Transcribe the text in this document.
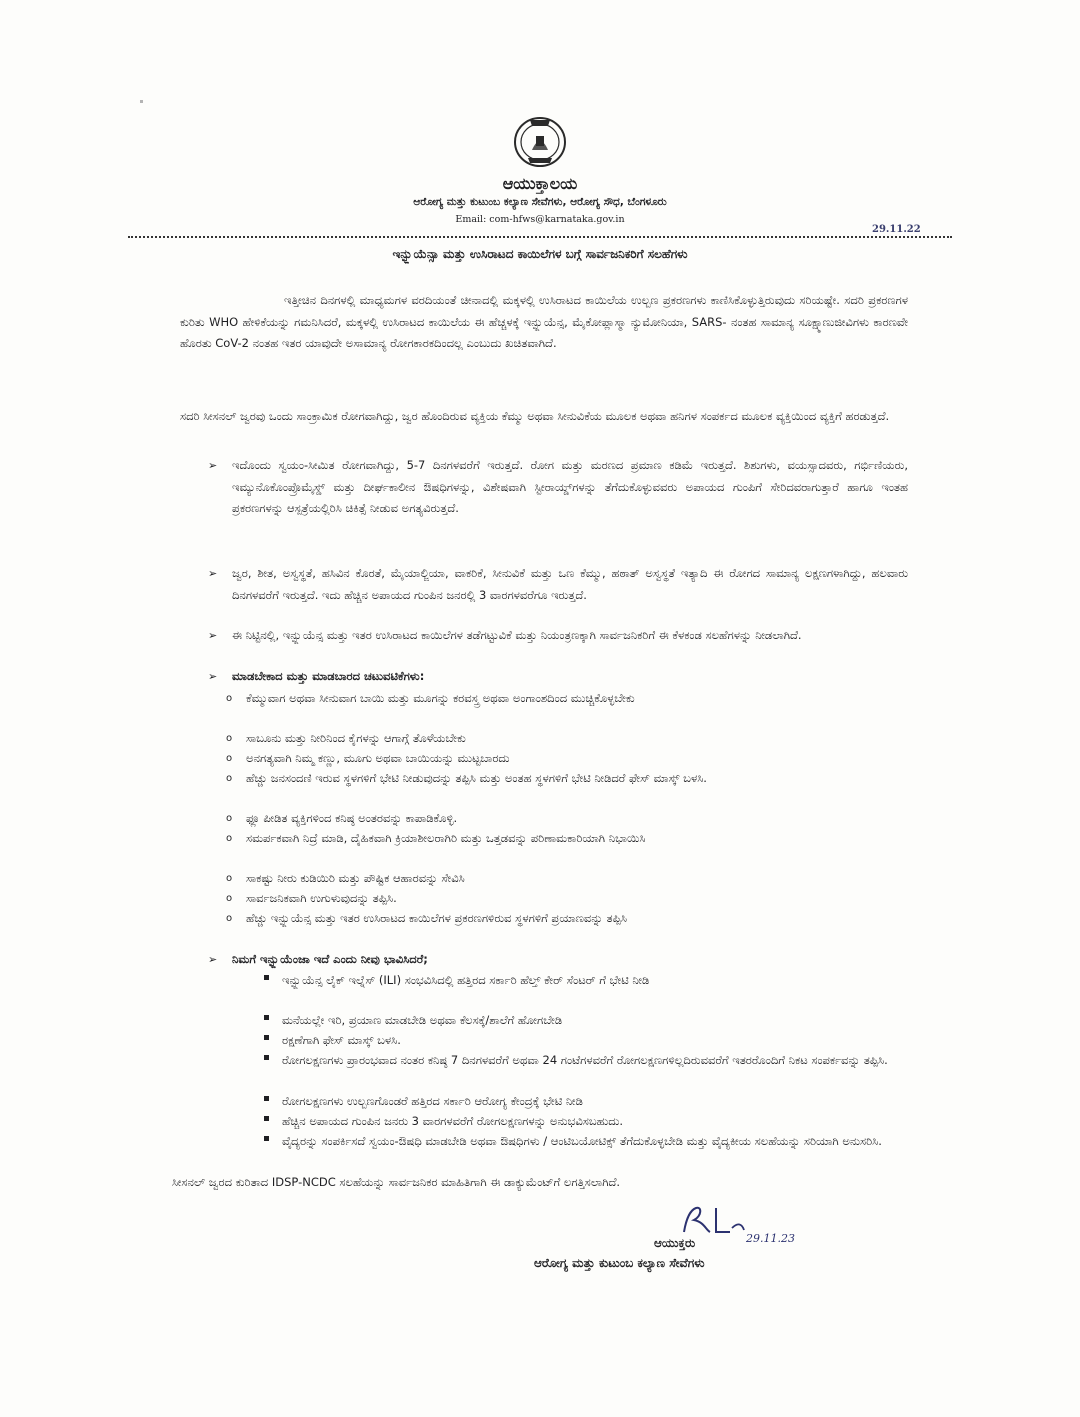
ಆಯುಕ್ತಾಲಯ
ಆರೋಗ್ಯ ಮತ್ತು ಕುಟುಂಬ ಕಲ್ಯಾಣ ಸೇವೆಗಳು, ಆರೋಗ್ಯ ಸೌಧ, ಬೆಂಗಳೂರು
Email: com-hfws@karnataka.gov.in
29.11.22
ಇನ್ಫ್ಲುಯೆನ್ಸಾ ಮತ್ತು ಉಸಿರಾಟದ ಕಾಯಿಲೆಗಳ ಬಗ್ಗೆ ಸಾರ್ವಜನಿಕರಿಗೆ ಸಲಹೆಗಳು
ಇತ್ತೀಚಿನ ದಿನಗಳಲ್ಲಿ ಮಾಧ್ಯಮಗಳ ವರದಿಯಂತೆ ಚೀನಾದಲ್ಲಿ ಮಕ್ಕಳಲ್ಲಿ ಉಸಿರಾಟದ ಕಾಯಿಲೆಯ ಉಲ್ಬಣ ಪ್ರಕರಣಗಳು ಕಾಣಿಸಿಕೊಳ್ಳುತ್ತಿರುವುದು ಸರಿಯಷ್ಟೇ. ಸದರಿ ಪ್ರಕರಣಗಳ ಕುರಿತು WHO ಹೇಳಿಕೆಯನ್ನು ಗಮನಿಸಿದರೆ, ಮಕ್ಕಳಲ್ಲಿ ಉಸಿರಾಟದ ಕಾಯಿಲೆಯ ಈ ಹೆಚ್ಚಳಕ್ಕೆ ಇನ್ಫ್ಲುಯೆನ್ಸ, ಮೈಕೋಪ್ಲಾಸ್ಮಾ ನ್ಯುಮೋನಿಯಾ, SARS- ನಂತಹ ಸಾಮಾನ್ಯ ಸೂಕ್ಷ್ಮಾಣುಜೀವಿಗಳು ಕಾರಣವೇ ಹೊರತು CoV-2 ನಂತಹ ಇತರ ಯಾವುದೇ ಅಸಾಮಾನ್ಯ ರೋಗಕಾರಕದಿಂದಲ್ಲ ಎಂಬುದು ಖಚಿತವಾಗಿದೆ.
ಸದರಿ ಸೀಸನಲ್ ಜ್ವರವು ಒಂದು ಸಾಂಕ್ರಾಮಿಕ ರೋಗವಾಗಿದ್ದು, ಜ್ವರ ಹೊಂದಿರುವ ವ್ಯಕ್ತಿಯ ಕೆಮ್ಮು ಅಥವಾ ಸೀನುವಿಕೆಯ ಮೂಲಕ ಅಥವಾ ಹನಿಗಳ ಸಂಪರ್ಕದ ಮೂಲಕ ವ್ಯಕ್ತಿಯಿಂದ ವ್ಯಕ್ತಿಗೆ ಹರಡುತ್ತದೆ.
➢ ಇದೊಂದು ಸ್ವಯಂ-ಸೀಮಿತ ರೋಗವಾಗಿದ್ದು, 5-7 ದಿನಗಳವರೆಗೆ ಇರುತ್ತದೆ. ರೋಗ ಮತ್ತು ಮರಣದ ಪ್ರಮಾಣ ಕಡಿಮೆ ಇರುತ್ತದೆ. ಶಿಶುಗಳು, ವಯಸ್ಸಾದವರು, ಗರ್ಭಿಣಿಯರು, ಇಮ್ಯುನೊಕೊಂಪ್ರೊಮೈಸ್ಡ್ ಮತ್ತು ದೀರ್ಘಕಾಲೀನ ಔಷಧಿಗಳನ್ನು, ವಿಶೇಷವಾಗಿ ಸ್ಟೀರಾಯ್ಡ್‌ಗಳನ್ನು ತೆಗೆದುಕೊಳ್ಳುವವರು ಅಪಾಯದ ಗುಂಪಿಗೆ ಸೇರಿದವರಾಗುತ್ತಾರೆ ಹಾಗೂ ಇಂತಹ ಪ್ರಕರಣಗಳನ್ನು ಆಸ್ಪತ್ರೆಯಲ್ಲಿರಿಸಿ ಚಿಕಿತ್ಸೆ ನೀಡುವ ಅಗತ್ಯವಿರುತ್ತದೆ.
➢ ಜ್ವರ, ಶೀತ, ಅಸ್ವಸ್ಥತೆ, ಹಸಿವಿನ ಕೊರತೆ, ಮೈಯಾಲ್ಜಿಯಾ, ವಾಕರಿಕೆ, ಸೀನುವಿಕೆ ಮತ್ತು ಒಣ ಕೆಮ್ಮು, ಹಠಾತ್ ಅಸ್ವಸ್ಥತೆ ಇತ್ಯಾದಿ ಈ ರೋಗದ ಸಾಮಾನ್ಯ ಲಕ್ಷಣಗಳಾಗಿದ್ದು, ಹಲವಾರು ದಿನಗಳವರೆಗೆ ಇರುತ್ತದೆ. ಇದು ಹೆಚ್ಚಿನ ಅಪಾಯದ ಗುಂಪಿನ ಜನರಲ್ಲಿ 3 ವಾರಗಳವರೆಗೂ ಇರುತ್ತದೆ.
➢ ಈ ನಿಟ್ಟಿನಲ್ಲಿ, ಇನ್ಫ್ಲುಯೆನ್ಸ ಮತ್ತು ಇತರ ಉಸಿರಾಟದ ಕಾಯಿಲೆಗಳ ತಡೆಗಟ್ಟುವಿಕೆ ಮತ್ತು ನಿಯಂತ್ರಣಕ್ಕಾಗಿ ಸಾರ್ವಜನಿಕರಿಗೆ ಈ ಕೆಳಕಂಡ ಸಲಹೆಗಳನ್ನು ನೀಡಲಾಗಿದೆ.
➢ ಮಾಡಬೇಕಾದ ಮತ್ತು ಮಾಡಬಾರದ ಚಟುವಟಿಕೆಗಳು:
o ಕೆಮ್ಮುವಾಗ ಅಥವಾ ಸೀನುವಾಗ ಬಾಯಿ ಮತ್ತು ಮೂಗನ್ನು ಕರವಸ್ತ್ರ ಅಥವಾ ಅಂಗಾಂಶದಿಂದ ಮುಚ್ಚಿಕೊಳ್ಳಬೇಕು
o ಸಾಬೂನು ಮತ್ತು ನೀರಿನಿಂದ ಕೈಗಳನ್ನು ಆಗಾಗ್ಗೆ ತೊಳೆಯಬೇಕು
o ಅನಗತ್ಯವಾಗಿ ನಿಮ್ಮ ಕಣ್ಣು, ಮೂಗು ಅಥವಾ ಬಾಯಿಯನ್ನು ಮುಟ್ಟಬಾರದು
o ಹೆಚ್ಚು ಜನಸಂದಣಿ ಇರುವ ಸ್ಥಳಗಳಿಗೆ ಭೇಟಿ ನೀಡುವುದನ್ನು ತಪ್ಪಿಸಿ ಮತ್ತು ಅಂತಹ ಸ್ಥಳಗಳಿಗೆ ಭೇಟಿ ನೀಡಿದರೆ ಫೇಸ್ ಮಾಸ್ಕ್ ಬಳಸಿ.
o ಫ್ಲೂ ಪೀಡಿತ ವ್ಯಕ್ತಿಗಳಿಂದ ಕನಿಷ್ಠ ಅಂತರವನ್ನು ಕಾಪಾಡಿಕೊಳ್ಳಿ.
o ಸಮರ್ಪಕವಾಗಿ ನಿದ್ರೆ ಮಾಡಿ, ದೈಹಿಕವಾಗಿ ಕ್ರಿಯಾಶೀಲರಾಗಿರಿ ಮತ್ತು ಒತ್ತಡವನ್ನು ಪರಿಣಾಮಕಾರಿಯಾಗಿ ನಿಭಾಯಿಸಿ
o ಸಾಕಷ್ಟು ನೀರು ಕುಡಿಯಿರಿ ಮತ್ತು ಪೌಷ್ಟಿಕ ಆಹಾರವನ್ನು ಸೇವಿಸಿ
o ಸಾರ್ವಜನಿಕವಾಗಿ ಉಗುಳುವುದನ್ನು ತಪ್ಪಿಸಿ.
o ಹೆಚ್ಚು ಇನ್ಫ್ಲುಯೆನ್ಸ ಮತ್ತು ಇತರ ಉಸಿರಾಟದ ಕಾಯಿಲೆಗಳ ಪ್ರಕರಣಗಳಿರುವ ಸ್ಥಳಗಳಿಗೆ ಪ್ರಯಾಣವನ್ನು ತಪ್ಪಿಸಿ
➢ ನಿಮಗೆ ಇನ್ಫ್ಲುಯೆಂಜಾ ಇದೆ ಎಂದು ನೀವು ಭಾವಿಸಿದರೆ;
ಇನ್ಫ್ಲುಯೆನ್ಸ ಲೈಕ್ ಇಲ್ನೆಸ್ (ILI) ಸಂಭವಿಸಿದಲ್ಲಿ ಹತ್ತಿರದ ಸರ್ಕಾರಿ ಹೆಲ್ತ್ ಕೇರ್ ಸೆಂಟರ್ ಗೆ ಭೇಟಿ ನೀಡಿ
ಮನೆಯಲ್ಲೇ ಇರಿ, ಪ್ರಯಾಣ ಮಾಡಬೇಡಿ ಅಥವಾ ಕೆಲಸಕ್ಕೆ/ಶಾಲೆಗೆ ಹೋಗಬೇಡಿ
ರಕ್ಷಣೆಗಾಗಿ ಫೇಸ್ ಮಾಸ್ಕ್ ಬಳಸಿ.
ರೋಗಲಕ್ಷಣಗಳು ಪ್ರಾರಂಭವಾದ ನಂತರ ಕನಿಷ್ಠ 7 ದಿನಗಳವರೆಗೆ ಅಥವಾ 24 ಗಂಟೆಗಳವರೆಗೆ ರೋಗಲಕ್ಷಣಗಳಿಲ್ಲದಿರುವವರೆಗೆ ಇತರರೊಂದಿಗೆ ನಿಕಟ ಸಂಪರ್ಕವನ್ನು ತಪ್ಪಿಸಿ.
ರೋಗಲಕ್ಷಣಗಳು ಉಲ್ಬಣಗೊಂಡರೆ ಹತ್ತಿರದ ಸರ್ಕಾರಿ ಆರೋಗ್ಯ ಕೇಂದ್ರಕ್ಕೆ ಭೇಟಿ ನೀಡಿ
ಹೆಚ್ಚಿನ ಅಪಾಯದ ಗುಂಪಿನ ಜನರು 3 ವಾರಗಳವರೆಗೆ ರೋಗಲಕ್ಷಣಗಳನ್ನು ಅನುಭವಿಸಬಹುದು.
ವೈದ್ಯರನ್ನು ಸಂಪರ್ಕಿಸದೆ ಸ್ವಯಂ-ಔಷಧಿ ಮಾಡಬೇಡಿ ಅಥವಾ ಔಷಧಿಗಳು / ಆಂಟಿಬಯೋಟಿಕ್ಸ್ ತೆಗೆದುಕೊಳ್ಳಬೇಡಿ ಮತ್ತು ವೈದ್ಯಕೀಯ ಸಲಹೆಯನ್ನು ಸರಿಯಾಗಿ ಅನುಸರಿಸಿ.
ಸೀಸನಲ್ ಜ್ವರದ ಕುರಿತಾದ IDSP-NCDC ಸಲಹೆಯನ್ನು ಸಾರ್ವಜನಿಕರ ಮಾಹಿತಿಗಾಗಿ ಈ ಡಾಕ್ಯುಮೆಂಟ್‌ಗೆ ಲಗತ್ತಿಸಲಾಗಿದೆ.
29.11.23
ಆಯುಕ್ತರು
ಆರೋಗ್ಯ ಮತ್ತು ಕುಟುಂಬ ಕಲ್ಯಾಣ ಸೇವೆಗಳು
